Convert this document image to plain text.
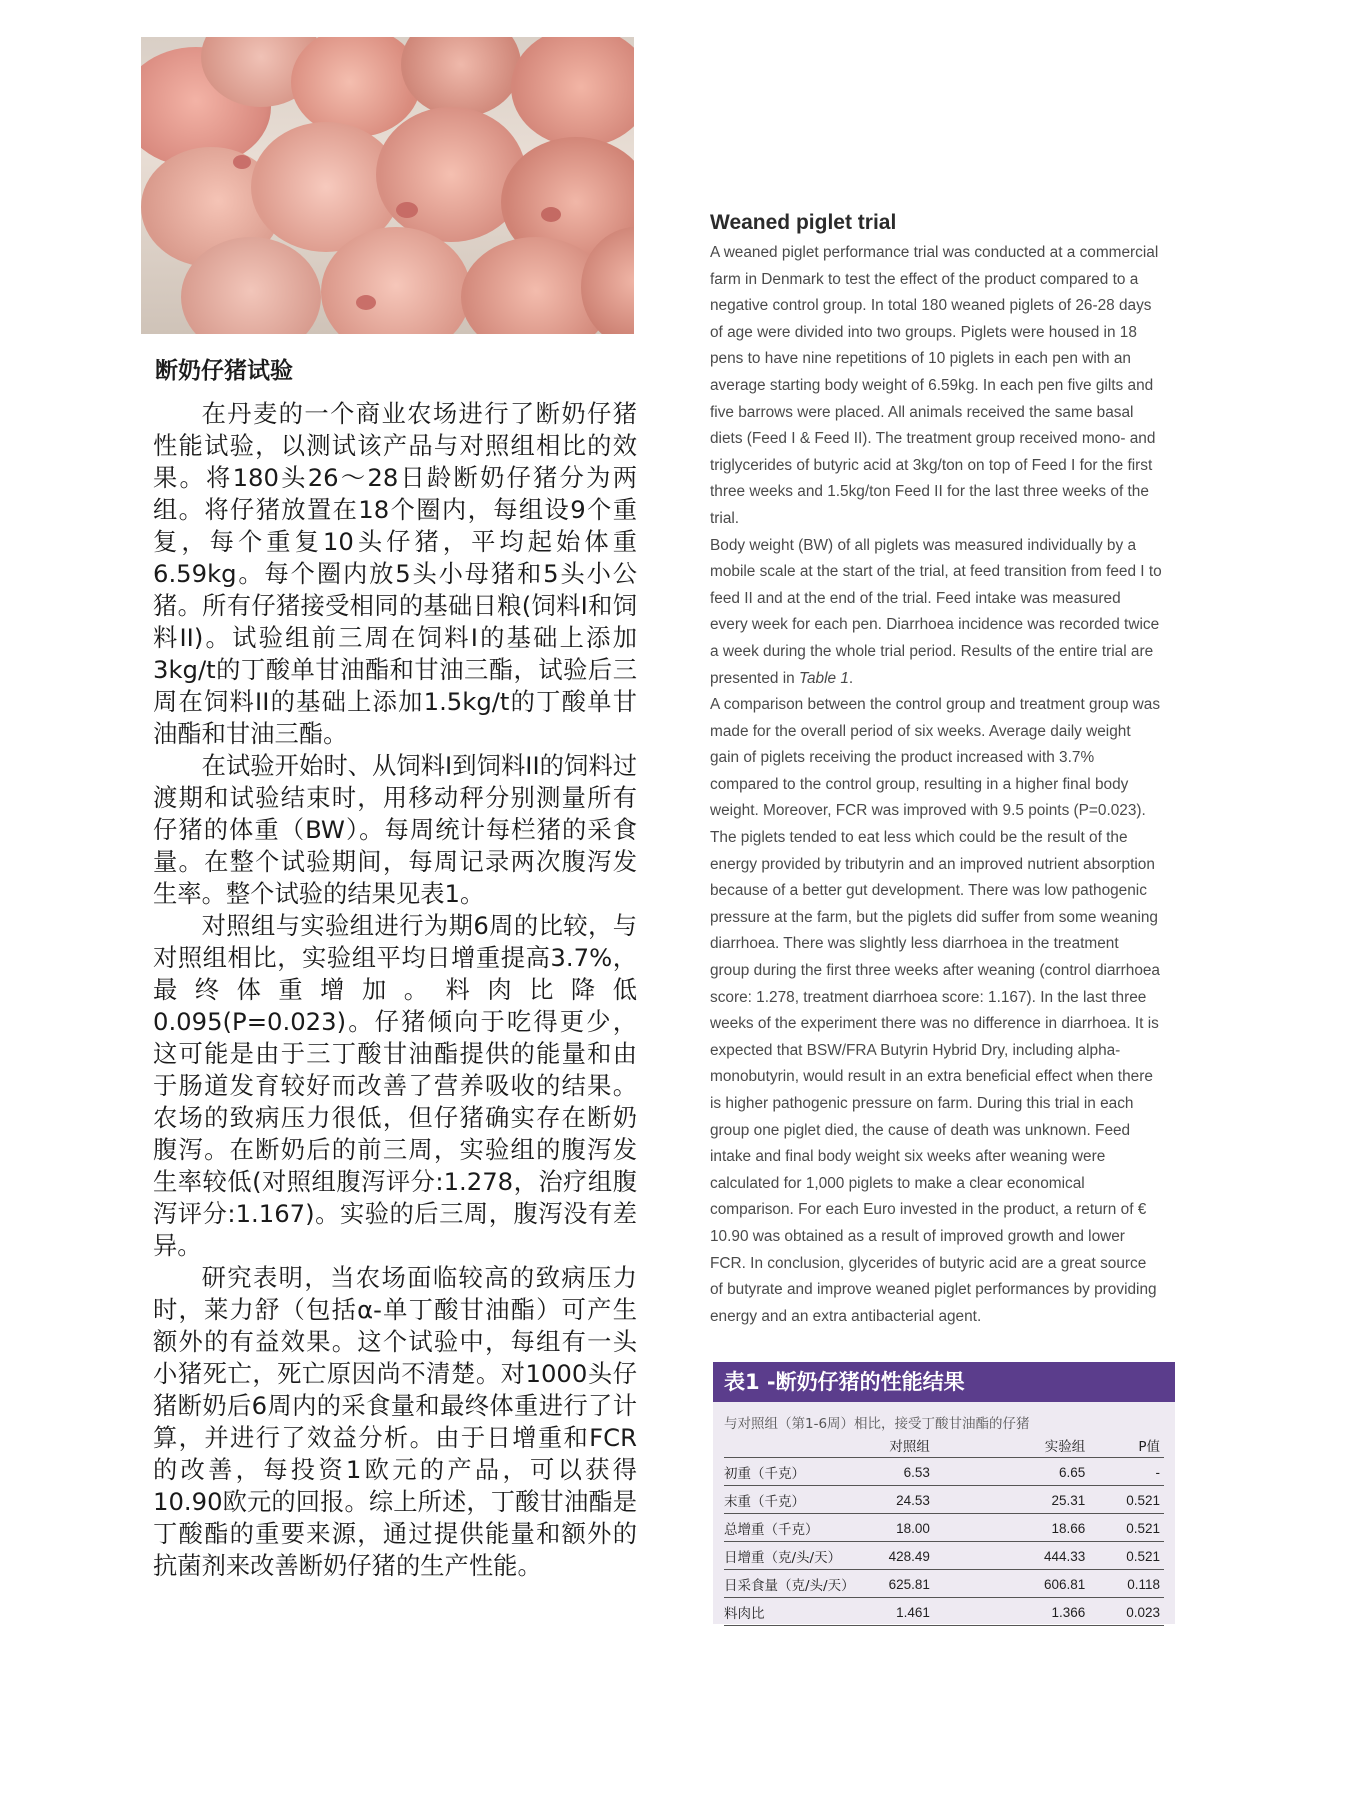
断奶仔猪试验

在丹麦的一个商业农场进行了断奶仔猪性能试验，以测试该产品与对照组相比的效果。将180头26～28日龄断奶仔猪分为两组。将仔猪放置在18个圈内，每组设9个重复，每个重复10头仔猪，平均起始体重6.59kg。每个圈内放5头小母猪和5头小公猪。所有仔猪接受相同的基础日粮(饲料I和饲料II)。试验组前三周在饲料I的基础上添加3kg/t的丁酸单甘油酯和甘油三酯，试验后三周在饲料II的基础上添加1.5kg/t的丁酸单甘油酯和甘油三酯。

在试验开始时、从饲料I到饲料II的饲料过渡期和试验结束时，用移动秤分别测量所有仔猪的体重（BW）。每周统计每栏猪的采食量。在整个试验期间，每周记录两次腹泻发生率。整个试验的结果见表1。

对照组与实验组进行为期6周的比较，与对照组相比，实验组平均日增重提高3.7%，最终体重增加。料肉比降低0.095(P=0.023)。仔猪倾向于吃得更少，这可能是由于三丁酸甘油酯提供的能量和由于肠道发育较好而改善了营养吸收的结果。农场的致病压力很低，但仔猪确实存在断奶腹泻。在断奶后的前三周，实验组的腹泻发生率较低(对照组腹泻评分:1.278，治疗组腹泻评分:1.167)。实验的后三周，腹泻没有差异。

研究表明，当农场面临较高的致病压力时，莱力舒（包括α-单丁酸甘油酯）可产生额外的有益效果。这个试验中，每组有一头小猪死亡，死亡原因尚不清楚。对1000头仔猪断奶后6周内的采食量和最终体重进行了计算，并进行了效益分析。由于日增重和FCR的改善，每投资1欧元的产品，可以获得10.90欧元的回报。综上所述，丁酸甘油酯是丁酸酯的重要来源，通过提供能量和额外的抗菌剂来改善断奶仔猪的生产性能。

Weaned piglet trial

A weaned piglet performance trial was conducted at a commercial farm in Denmark to test the effect of the product compared to a negative control group. In total 180 weaned piglets of 26-28 days of age were divided into two groups. Piglets were housed in 18 pens to have nine repetitions of 10 piglets in each pen with an average starting body weight of 6.59kg. In each pen five gilts and five barrows were placed. All animals received the same basal diets (Feed I & Feed II). The treatment group received mono- and triglycerides of butyric acid at 3kg/ton on top of Feed I for the first three weeks and 1.5kg/ton Feed II for the last three weeks of the trial.

Body weight (BW) of all piglets was measured individually by a mobile scale at the start of the trial, at feed transition from feed I to feed II and at the end of the trial. Feed intake was measured every week for each pen. Diarrhoea incidence was recorded twice a week during the whole trial period. Results of the entire trial are presented in Table 1.

A comparison between the control group and treatment group was made for the overall period of six weeks. Average daily weight gain of piglets receiving the product increased with 3.7% compared to the control group, resulting in a higher final body weight. Moreover, FCR was improved with 9.5 points (P=0.023). The piglets tended to eat less which could be the result of the energy provided by tributyrin and an improved nutrient absorption because of a better gut development. There was low pathogenic pressure at the farm, but the piglets did suffer from some weaning diarrhoea. There was slightly less diarrhoea in the treatment group during the first three weeks after weaning (control diarrhoea score: 1.278, treatment diarrhoea score: 1.167). In the last three weeks of the experiment there was no difference in diarrhoea. It is expected that BSW/FRA Butyrin Hybrid Dry, including alpha-monobutyrin, would result in an extra beneficial effect when there is higher pathogenic pressure on farm. During this trial in each group one piglet died, the cause of death was unknown. Feed intake and final body weight six weeks after weaning were calculated for 1,000 piglets to make a clear economical comparison. For each Euro invested in the product, a return of € 10.90 was obtained as a result of improved growth and lower FCR. In conclusion, glycerides of butyric acid are a great source of butyrate and improve weaned piglet performances by providing energy and an extra antibacterial agent.

表1 -断奶仔猪的性能结果
与对照组（第1-6周）相比，接受丁酸甘油酯的仔猪
	对照组	实验组	P值
初重（千克）	6.53	6.65	-
末重（千克）	24.53	25.31	0.521
总增重（千克）	18.00	18.66	0.521
日增重（克/头/天）	428.49	444.33	0.521
日采食量（克/头/天）	625.81	606.81	0.118
料肉比	1.461	1.366	0.023
